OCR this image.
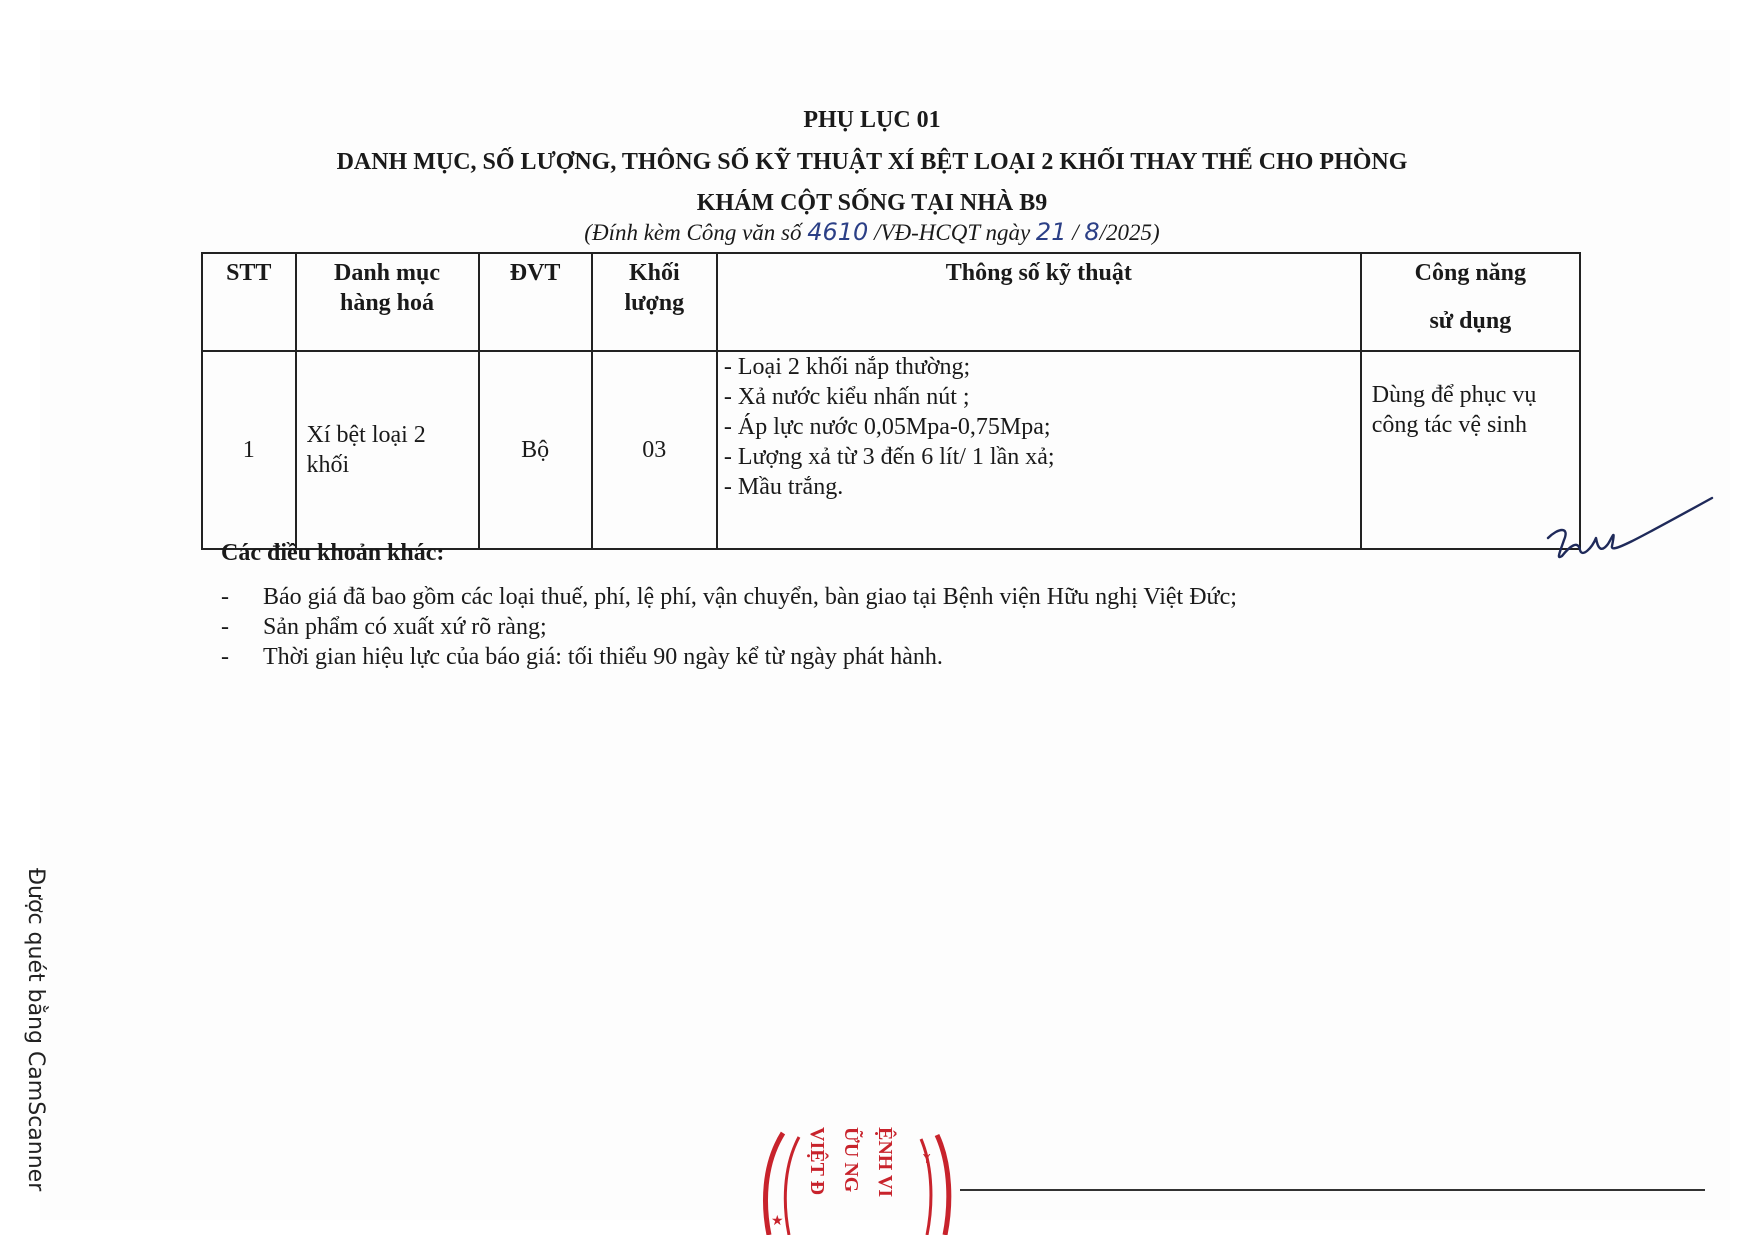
PHỤ LỤC 01
DANH MỤC, SỐ LƯỢNG, THÔNG SỐ KỸ THUẬT XÍ BỆT LOẠI 2 KHỐI THAY THẾ CHO PHÒNG
KHÁM CỘT SỐNG TẠI NHÀ B9
(Đính kèm Công văn số 4610 /VĐ-HCQT ngày 21 / 8/2025)
STT	Danh mục hàng hoá	ĐVT	Khối lượng	Thông số kỹ thuật	Công năng
sử dụng

1	Xí bệt loại 2 khối	Bộ	03	- Loại 2 khối nắp thường;
- Xả nước kiểu nhấn nút ;
- Áp lực nước 0,05Mpa-0,75Mpa;
- Lượng xả từ 3 đến 6 lít/ 1 lần xả;
- Mầu trắng.	Dùng để phục vụ công tác vệ sinh
Các điều khoản khác:
- Báo giá đã bao gồm các loại thuế, phí, lệ phí, vận chuyển, bàn giao tại Bệnh viện Hữu nghị Việt Đức;
- Sản phẩm có xuất xứ rõ ràng;
- Thời gian hiệu lực của báo giá: tối thiểu 90 ngày kể từ ngày phát hành.
Được quét bằng CamScanner
★
Y
VIỆT Đ ỮU NG ỆNH VI
